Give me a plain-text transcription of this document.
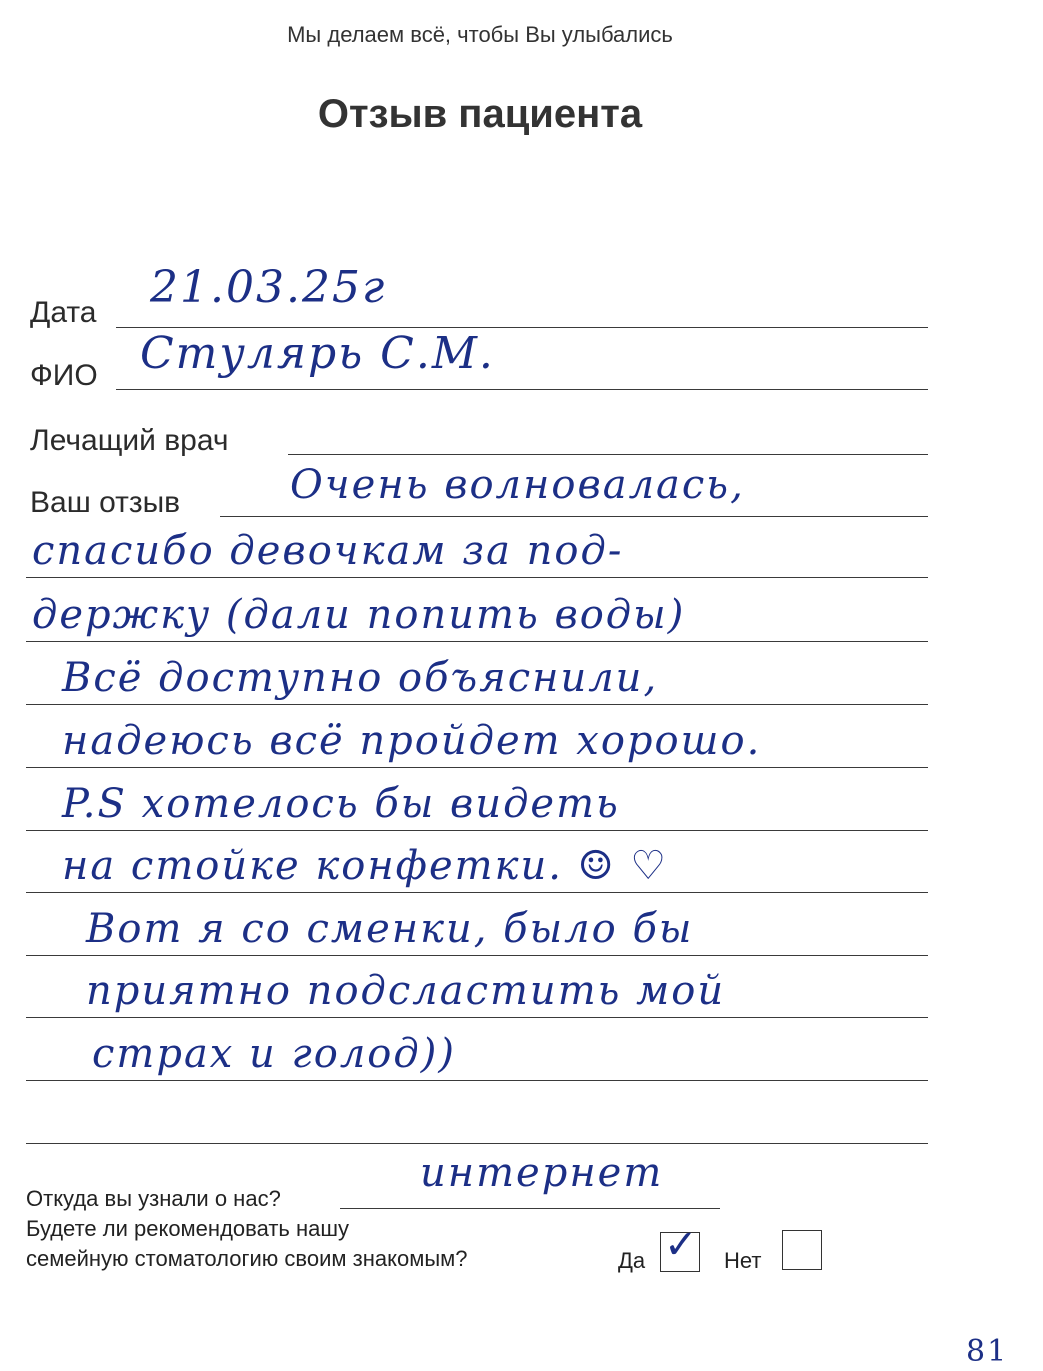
Мы делаем всё, чтобы Вы улыбались
Отзыв пациента
Дата 21.03.25г
ФИО Стулярь С.М.
Лечащий врач
Ваш отзыв	Очень волновалась,
спасибо девочкам за под-
держку (дали попить воды)
Всё доступно объяснили,
надеюсь всё пройдет хорошо.
P.S хотелось бы видеть
на стойке конфетки. ☺ ♡
Вот я со сменки, было бы
приятно подсластить мой
страх и голод))
Откуда вы узнали о нас?
интернет
Будете ли рекомендовать нашу
семейную стоматологию своим знакомым?	Да ✓ Нет
81
